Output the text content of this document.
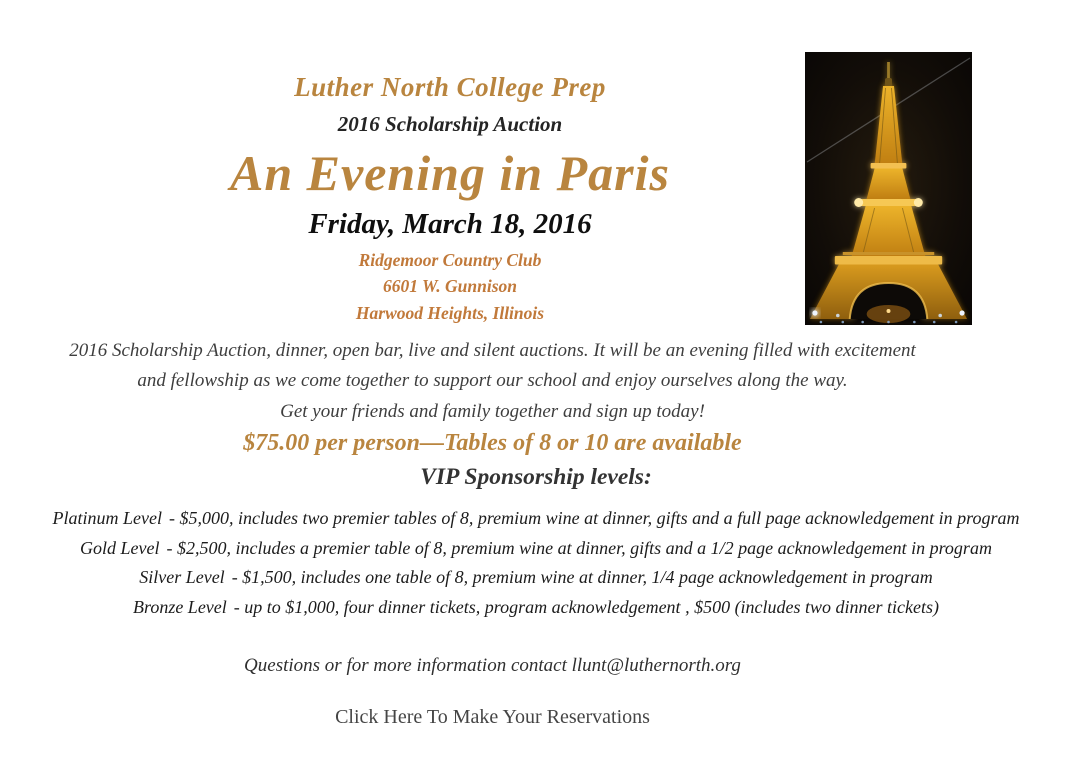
Luther North College Prep
2016 Scholarship Auction
An Evening in Paris
Friday, March 18, 2016
Ridgemoor Country Club
6601 W. Gunnison
Harwood Heights, Illinois
2016 Scholarship Auction, dinner, open bar, live and silent auctions. It will be an evening filled with excitement
and fellowship as we come together to support our school and enjoy ourselves along the way.
Get your friends and family together and sign up today!
$75.00 per person—Tables of 8 or 10 are available
VIP Sponsorship levels:
Platinum Level - $5,000, includes two premier tables of 8, premium wine at dinner, gifts and a full page acknowledgement in program
Gold Level - $2,500, includes a premier table of 8, premium wine at dinner, gifts and a 1/2 page acknowledgement in program
Silver Level - $1,500, includes one table of 8, premium wine at dinner, 1/4 page acknowledgement in program
Bronze Level - up to $1,000, four dinner tickets, program acknowledgement , $500 (includes two dinner tickets)
Questions or for more information contact llunt@luthernorth.org
Click Here To Make Your Reservations
